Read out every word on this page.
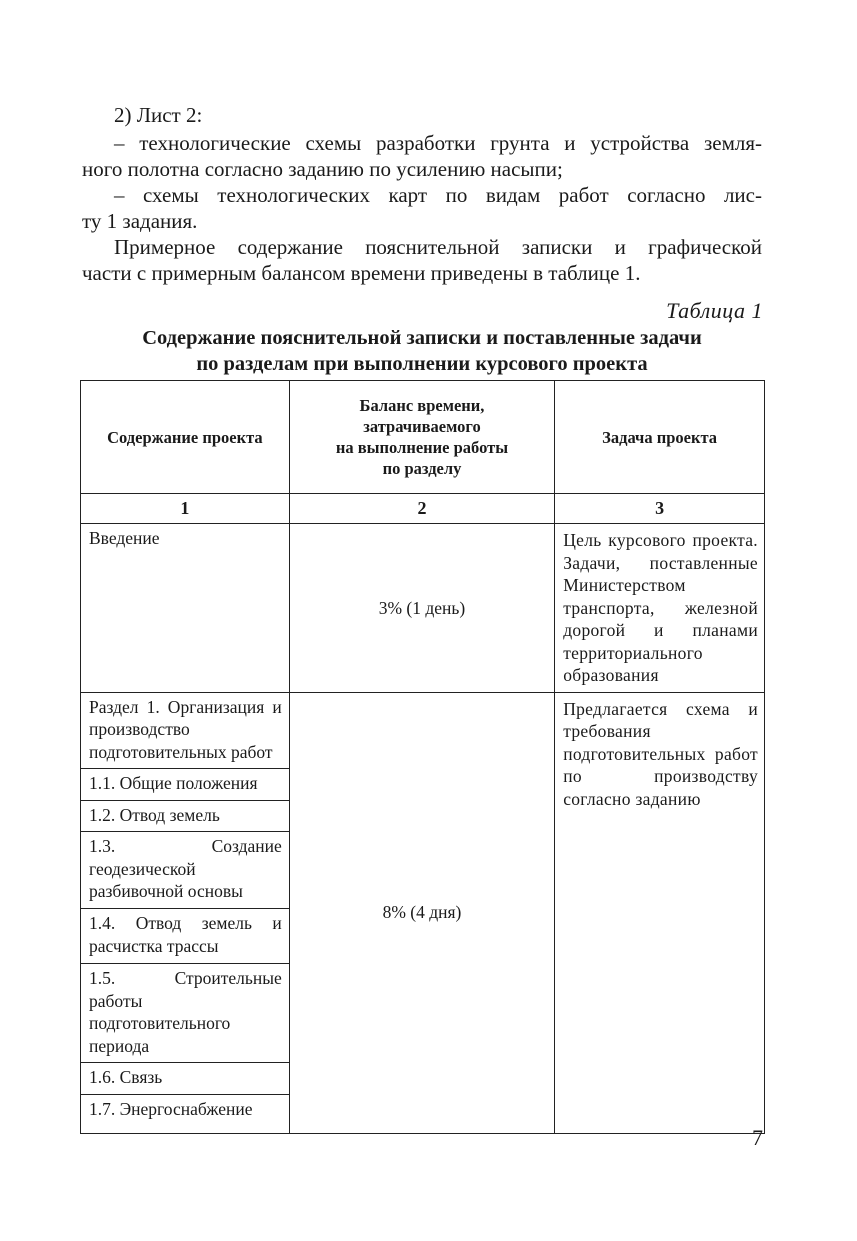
2) Лист 2:
– технологические схемы разработки грунта и устройства земля-
ного полотна согласно заданию по усилению насыпи;
– схемы технологических карт по видам работ согласно лис-
ту 1 задания.
Примерное содержание пояснительной записки и графической
части с примерным балансом времени приведены в таблице 1.
Таблица 1
Содержание пояснительной записки и поставленные задачи
по разделам при выполнении курсового проекта
Содержание проекта	Баланс времени,
затрачиваемого
на выполнение работы
по разделу	Задача проекта
1	2	3
Введение	3% (1 день)	Цель курсового проекта. Задачи, поставленные Министерством транспорта, железной дорогой и планами территориального образования
Раздел 1. Организация и производство подготовительных работ	8% (4 дня)	Предлагается схема и требования подготовительных работ по производству согласно заданию
1.1. Общие положения		
1.2. Отвод земель		
1.3. Создание геодезической разбивочной основы		
1.4. Отвод земель и расчистка трассы		
1.5. Строительные работы подготовительного периода		
1.6. Связь		
1.7. Энергоснабжение		
7
